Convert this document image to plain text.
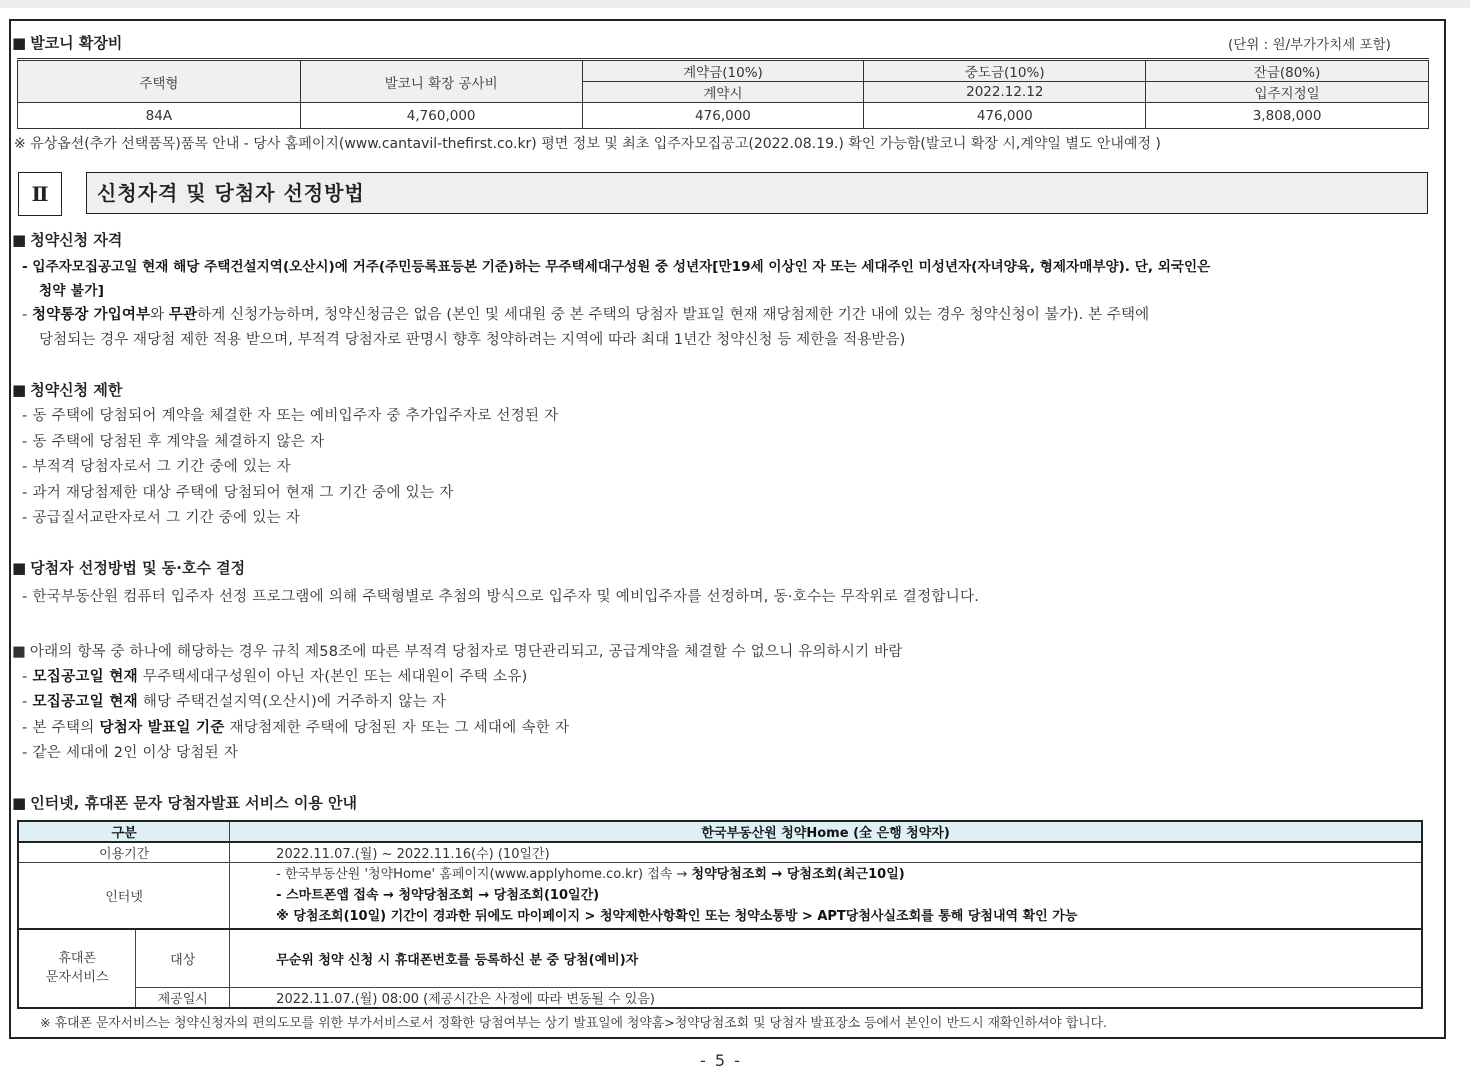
■ 발코니 확장비	(단위 : 원/부가가치세 포함)
주택형	발코니 확장 공사비	계약금(10%)	중도금(10%)	잔금(80%)
		계약시	2022.12.12	입주지정일
84A	4,760,000	476,000	476,000	3,808,000
※ 유상옵션(추가 선택품목)품목 안내 - 당사 홈페이지(www.cantavil-thefirst.co.kr) 평면 정보 및 최초 입주자모집공고(2022.08.19.) 확인 가능함(발코니 확장 시,계약일 별도 안내예정 )
Ⅱ	신청자격 및 당첨자 선정방법
■ 청약신청 자격
- 입주자모집공고일 현재 해당 주택건설지역(오산시)에 거주(주민등록표등본 기준)하는 무주택세대구성원 중 성년자[만19세 이상인 자 또는 세대주인 미성년자(자녀양육, 형제자매부양). 단, 외국인은
청약 불가]
- 청약통장 가입여부와 무관하게 신청가능하며, 청약신청금은 없음 (본인 및 세대원 중 본 주택의 당첨자 발표일 현재 재당첨제한 기간 내에 있는 경우 청약신청이 불가). 본 주택에
당첨되는 경우 재당첨 제한 적용 받으며, 부적격 당첨자로 판명시 향후 청약하려는 지역에 따라 최대 1년간 청약신청 등 제한을 적용받음)
■ 청약신청 제한
- 동 주택에 당첨되어 계약을 체결한 자 또는 예비입주자 중 추가입주자로 선정된 자
- 동 주택에 당첨된 후 계약을 체결하지 않은 자
- 부적격 당첨자로서 그 기간 중에 있는 자
- 과거 재당첨제한 대상 주택에 당첨되어 현재 그 기간 중에 있는 자
- 공급질서교란자로서 그 기간 중에 있는 자
■ 당첨자 선정방법 및 동·호수 결정
- 한국부동산원 컴퓨터 입주자 선정 프로그램에 의해 주택형별로 추첨의 방식으로 입주자 및 예비입주자를 선정하며, 동·호수는 무작위로 결정합니다.
■ 아래의 항목 중 하나에 해당하는 경우 규칙 제58조에 따른 부적격 당첨자로 명단관리되고, 공급계약을 체결할 수 없으니 유의하시기 바람
- 모집공고일 현재 무주택세대구성원이 아닌 자(본인 또는 세대원이 주택 소유)
- 모집공고일 현재 해당 주택건설지역(오산시)에 거주하지 않는 자
- 본 주택의 당첨자 발표일 기준 재당첨제한 주택에 당첨된 자 또는 그 세대에 속한 자
- 같은 세대에 2인 이상 당첨된 자
■ 인터넷, 휴대폰 문자 당첨자발표 서비스 이용 안내
구분		한국부동산원 청약Home (全 은행 청약자)
이용기간		2022.11.07.(월) ~ 2022.11.16(수) (10일간)
인터넷		- 한국부동산원 '청약Home' 홈페이지(www.applyhome.co.kr) 접속 → 청약당첨조회 → 당첨조회(최근10일)
- 스마트폰앱 접속 → 청약당첨조회 → 당첨조회(10일간)
※ 당첨조회(10일) 기간이 경과한 뒤에도 마이페이지 > 청약제한사항확인 또는 청약소통방 > APT당첨사실조회를 통해 당첨내역 확인 가능

휴대폰
문자서비스	대상	무순위 청약 신청 시 휴대폰번호를 등록하신 분 중 당첨(예비)자
	제공일시	2022.11.07.(월) 08:00 (제공시간은 사정에 따라 변동될 수 있음)
※ 휴대폰 문자서비스는 청약신청자의 편의도모를 위한 부가서비스로서 정확한 당첨여부는 상기 발표일에 청약홈>청약당첨조회 및 당첨자 발표장소 등에서 본인이 반드시 재확인하셔야 합니다.
- 5 -
